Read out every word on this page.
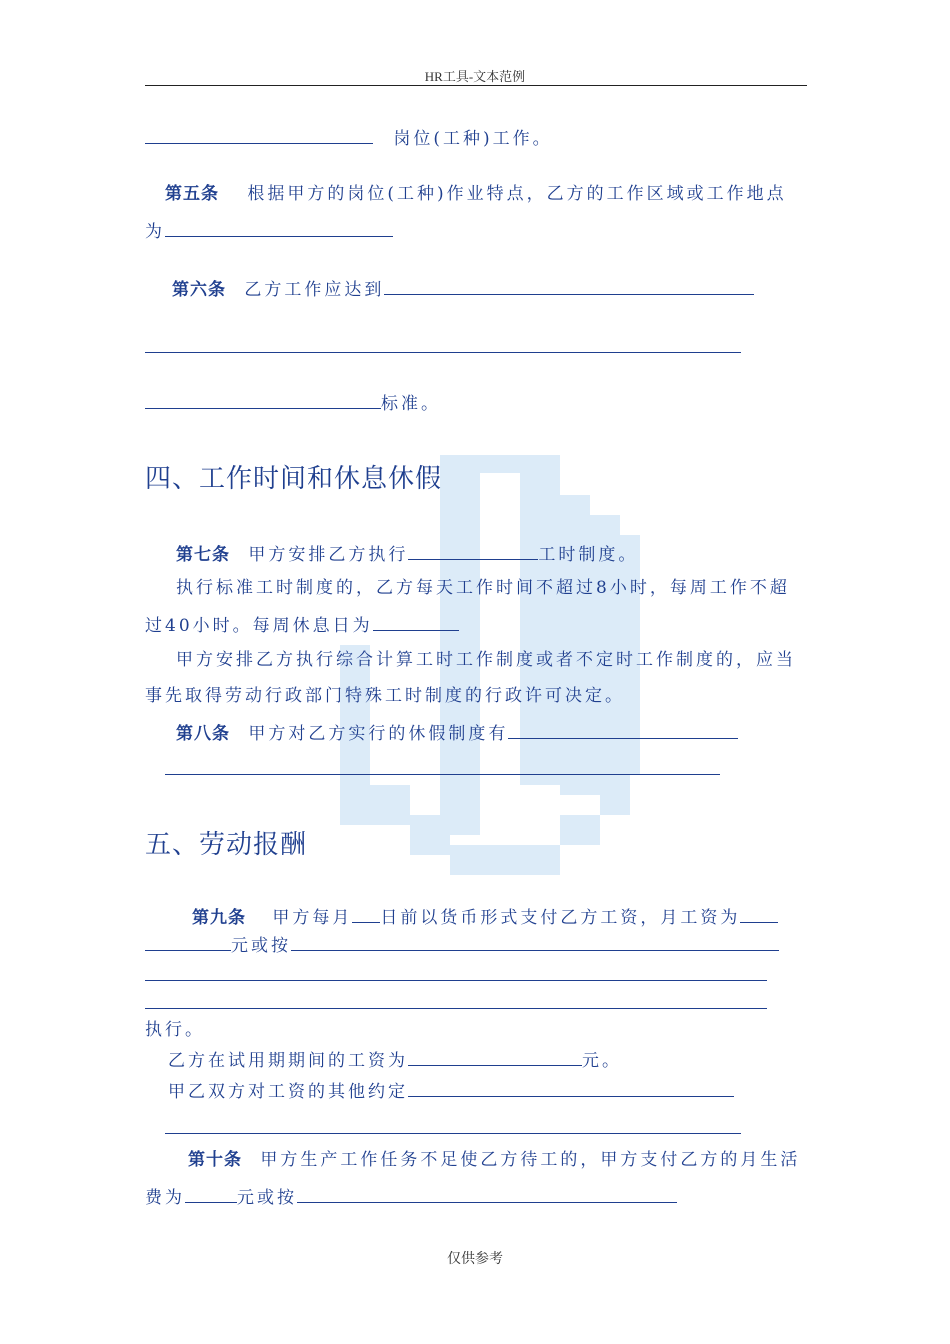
HR工具-文本范例
岗位(工种)工作。
第五条 根据甲方的岗位(工种)作业特点，乙方的工作区域或工作地点
为
第六条 乙方工作应达到
标准。
四、工作时间和休息休假
第七条 甲方安排乙方执行	工时制度。
执行标准工时制度的，乙方每天工作时间不超过8小时，每周工作不超
过40小时。每周休息日为
甲方安排乙方执行综合计算工时工作制度或者不定时工作制度的，应当
事先取得劳动行政部门特殊工时制度的行政许可决定。
第八条 甲方对乙方实行的休假制度有
五、劳动报酬
第九条 甲方每月 日前以货币形式支付乙方工资，月工资为
元或按
执行。
乙方在试用期期间的工资为	元。
甲乙双方对工资的其他约定
第十条 甲方生产工作任务不足使乙方待工的，甲方支付乙方的月生活
费为	元或按
仅供参考
